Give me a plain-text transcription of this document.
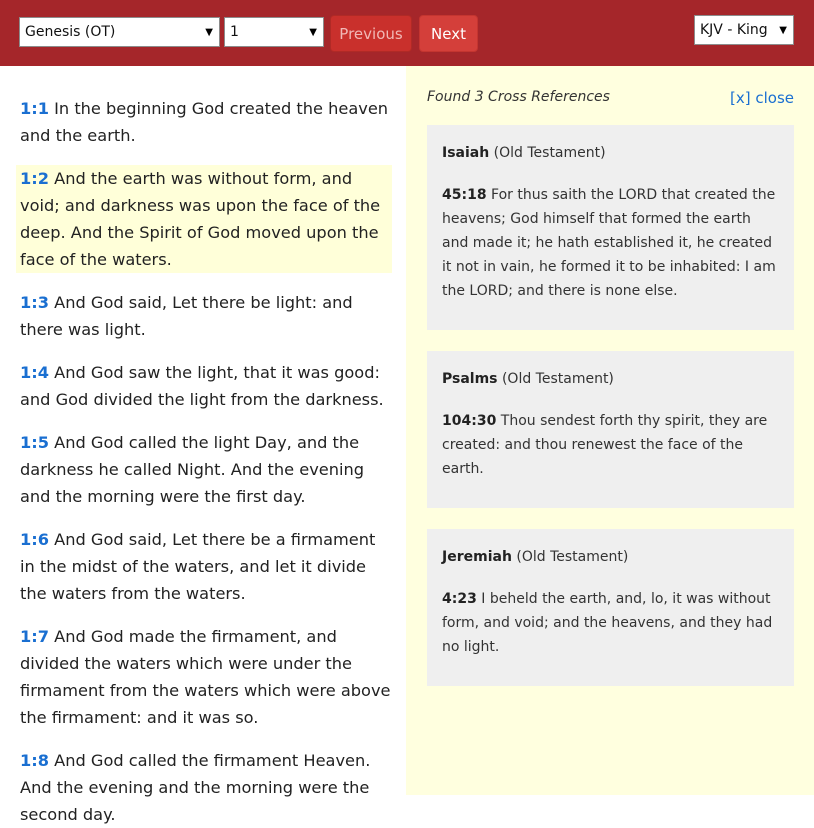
Genesis (OT)	▼	1	▼	Previous	Next	KJV - King ▼

1:1 In the beginning God created the heaven and the earth.

1:2 And the earth was without form, and void; and darkness was upon the face of the deep. And the Spirit of God moved upon the face of the waters.

1:3 And God said, Let there be light: and there was light.

1:4 And God saw the light, that it was good: and God divided the light from the darkness.

1:5 And God called the light Day, and the darkness he called Night. And the evening and the morning were the first day.

1:6 And God said, Let there be a firmament in the midst of the waters, and let it divide the waters from the waters.

1:7 And God made the firmament, and divided the waters which were under the firmament from the waters which were above the firmament: and it was so.

1:8 And God called the firmament Heaven. And the evening and the morning were the second day.

Found 3 Cross References	[x] close
Isaiah (Old Testament)
45:18 For thus saith the LORD that created the heavens; God himself that formed the earth and made it; he hath established it, he created it not in vain, he formed it to be inhabited: I am the LORD; and there is none else.
Psalms (Old Testament)
104:30 Thou sendest forth thy spirit, they are created: and thou renewest the face of the earth.
Jeremiah (Old Testament)
4:23 I beheld the earth, and, lo, it was without form, and void; and the heavens, and they had no light.
